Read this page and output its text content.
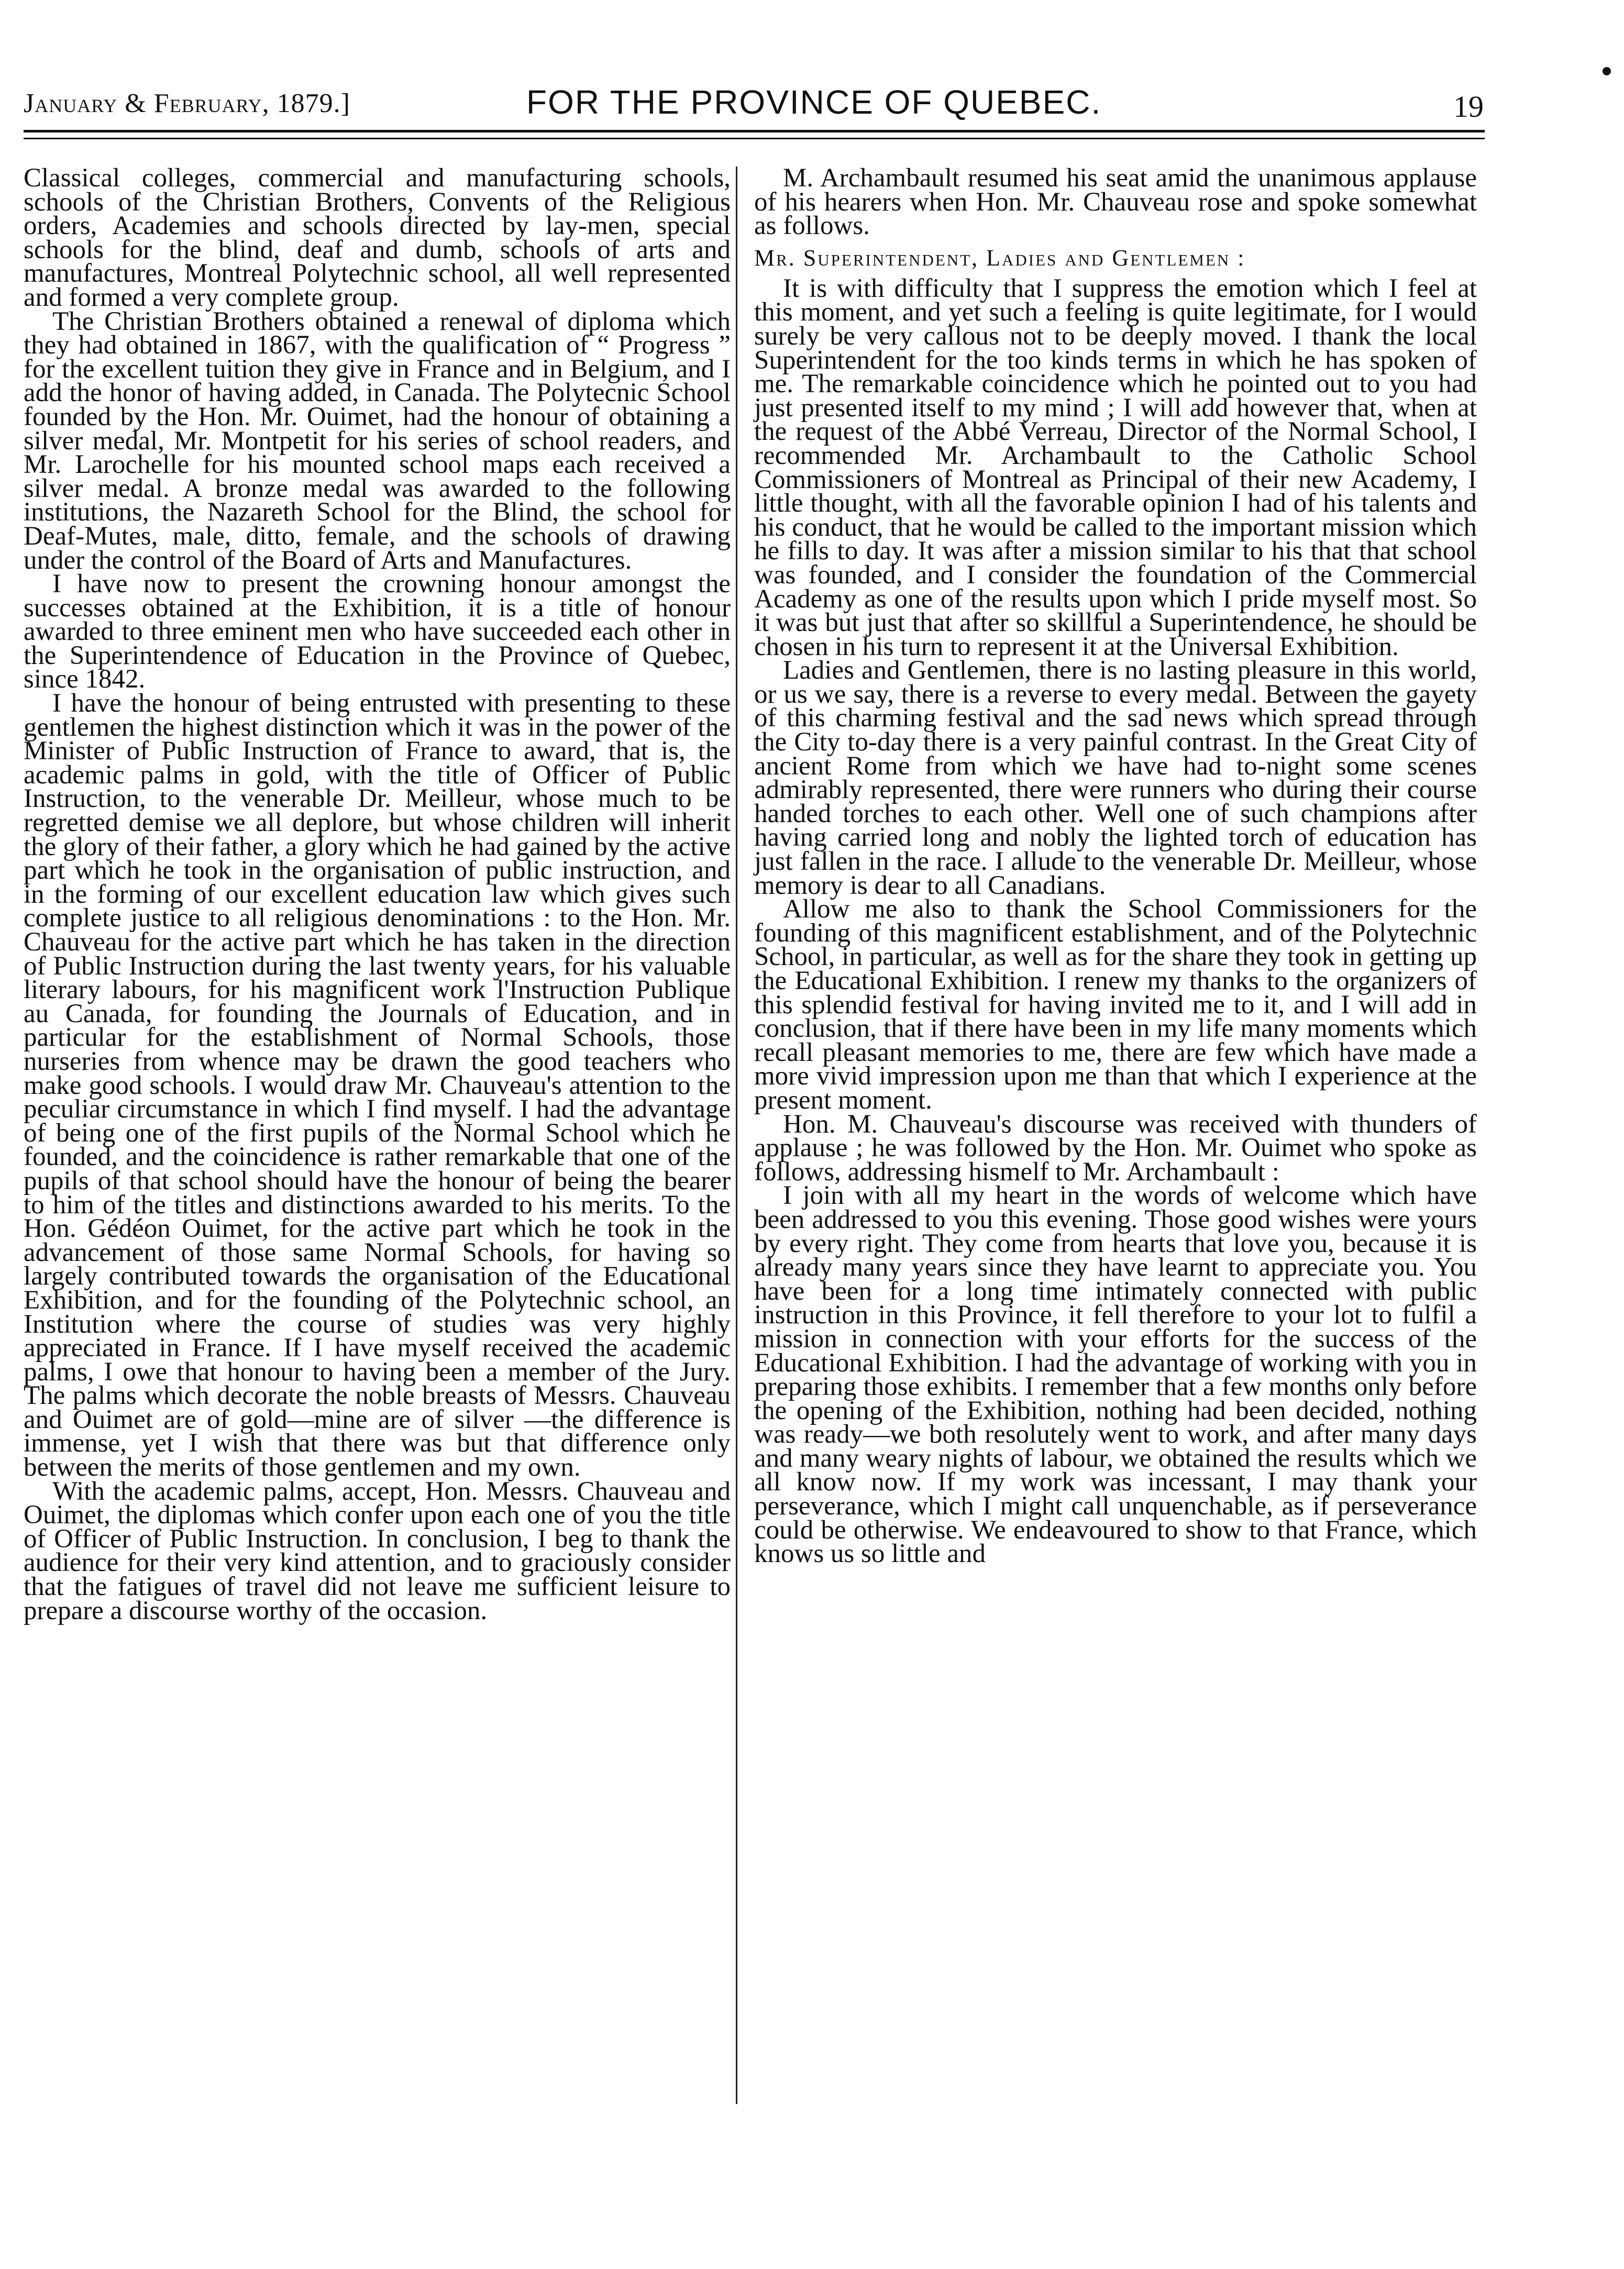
January & February, 1879.]	FOR THE PROVINCE OF QUEBEC.	19

Classical colleges, commercial and manufacturing schools, schools of the Christian Brothers, Convents of the Religious orders, Academies and schools directed by lay-men, special schools for the blind, deaf and dumb, schools of arts and manufactures, Montreal Polytechnic school, all well represented and formed a very complete group.

The Christian Brothers obtained a renewal of diploma which they had obtained in 1867, with the qualification of “ Progress ” for the excellent tuition they give in France and in Belgium, and I add the honor of having added, in Canada. The Polytecnic School founded by the Hon. Mr. Ouimet, had the honour of obtaining a silver medal, Mr. Montpetit for his series of school readers, and Mr. Larochelle for his mounted school maps each received a silver medal. A bronze medal was awarded to the following institutions, the Nazareth School for the Blind, the school for Deaf-Mutes, male, ditto, female, and the schools of drawing under the control of the Board of Arts and Manufactures.

I have now to present the crowning honour amongst the successes obtained at the Exhibition, it is a title of honour awarded to three eminent men who have succeeded each other in the Superintendence of Education in the Province of Quebec, since 1842.

I have the honour of being entrusted with presenting to these gentlemen the highest distinction which it was in the power of the Minister of Public Instruction of France to award, that is, the academic palms in gold, with the title of Officer of Public Instruction, to the venerable Dr. Meilleur, whose much to be regretted demise we all deplore, but whose children will inherit the glory of their father, a glory which he had gained by the active part which he took in the organisation of public instruction, and in the forming of our excellent education law which gives such complete justice to all religious denominations : to the Hon. Mr. Chauveau for the active part which he has taken in the direction of Public Instruction during the last twenty years, for his valuable literary labours, for his magnificent work l'Instruction Publique au Canada, for founding the Journals of Education, and in particular for the establishment of Normal Schools, those nurseries from whence may be drawn the good teachers who make good schools. I would draw Mr. Chauveau's attention to the peculiar circumstance in which I find myself. I had the advantage of being one of the first pupils of the Normal School which he founded, and the coincidence is rather remarkable that one of the pupils of that school should have the honour of being the bearer to him of the titles and distinctions awarded to his merits. To the Hon. Gédéon Ouimet, for the active part which he took in the advancement of those same Normal Schools, for having so largely contributed towards the organisation of the Educational Exhibition, and for the founding of the Polytechnic school, an Institution where the course of studies was very highly appreciated in France. If I have myself received the academic palms, I owe that honour to having been a member of the Jury. The palms which decorate the noble breasts of Messrs. Chauveau and Ouimet are of gold—mine are of silver —the difference is immense, yet I wish that there was but that difference only between the merits of those gentlemen and my own.

With the academic palms, accept, Hon. Messrs. Chauveau and Ouimet, the diplomas which confer upon each one of you the title of Officer of Public Instruction. In conclusion, I beg to thank the audience for their very kind attention, and to graciously consider that the fatigues of travel did not leave me sufficient leisure to prepare a discourse worthy of the occasion.

M. Archambault resumed his seat amid the unanimous applause of his hearers when Hon. Mr. Chauveau rose and spoke somewhat as follows.

Mr. Superintendent, Ladies and Gentlemen :

It is with difficulty that I suppress the emotion which I feel at this moment, and yet such a feeling is quite legitimate, for I would surely be very callous not to be deeply moved. I thank the local Superintendent for the too kinds terms in which he has spoken of me. The remarkable coincidence which he pointed out to you had just presented itself to my mind ; I will add however that, when at the request of the Abbé Verreau, Director of the Normal School, I recommended Mr. Archambault to the Catholic School Commissioners of Montreal as Principal of their new Academy, I little thought, with all the favorable opinion I had of his talents and his conduct, that he would be called to the important mission which he fills to day. It was after a mission similar to his that that school was founded, and I consider the foundation of the Commercial Academy as one of the results upon which I pride myself most. So it was but just that after so skillful a Superintendence, he should be chosen in his turn to represent it at the Universal Exhibition.

Ladies and Gentlemen, there is no lasting pleasure in this world, or us we say, there is a reverse to every medal. Between the gayety of this charming festival and the sad news which spread through the City to-day there is a very painful contrast. In the Great City of ancient Rome from which we have had to-night some scenes admirably represented, there were runners who during their course handed torches to each other. Well one of such champions after having carried long and nobly the lighted torch of education has just fallen in the race. I allude to the venerable Dr. Meilleur, whose memory is dear to all Canadians.

Allow me also to thank the School Commissioners for the founding of this magnificent establishment, and of the Polytechnic School, in particular, as well as for the share they took in getting up the Educational Exhibition. I renew my thanks to the organizers of this splendid festival for having invited me to it, and I will add in conclusion, that if there have been in my life many moments which recall pleasant memories to me, there are few which have made a more vivid impression upon me than that which I experience at the present moment.

Hon. M. Chauveau's discourse was received with thunders of applause ; he was followed by the Hon. Mr. Ouimet who spoke as follows, addressing hismelf to Mr. Archambault :

I join with all my heart in the words of welcome which have been addressed to you this evening. Those good wishes were yours by every right. They come from hearts that love you, because it is already many years since they have learnt to appreciate you. You have been for a long time intimately connected with public instruction in this Province, it fell therefore to your lot to fulfil a mission in connection with your efforts for the success of the Educational Exhibition. I had the advantage of working with you in preparing those exhibits. I remember that a few months only before the opening of the Exhibition, nothing had been decided, nothing was ready—we both resolutely went to work, and after many days and many weary nights of labour, we obtained the results which we all know now. If my work was incessant, I may thank your perseverance, which I might call unquenchable, as if perseverance could be otherwise. We endeavoured to show to that France, which knows us so little and
